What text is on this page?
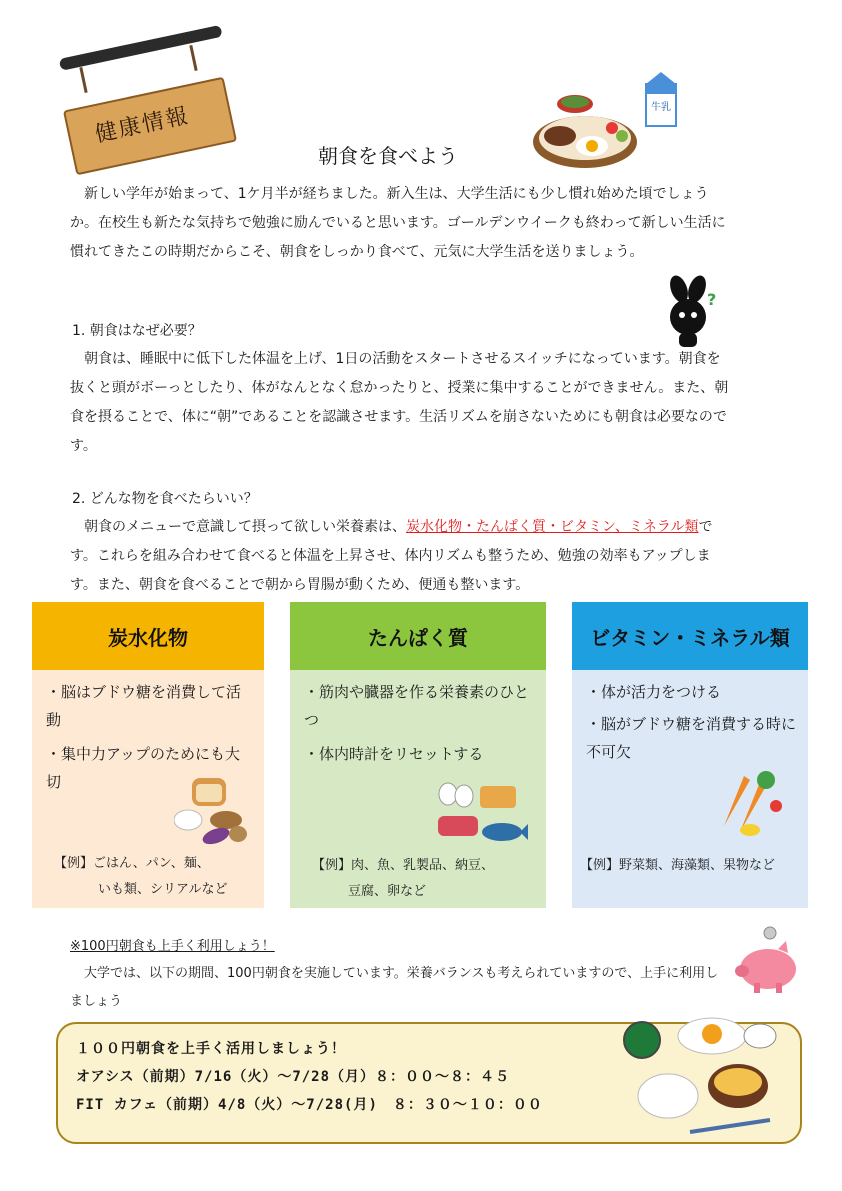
健康情報	牛乳
朝食を食べよう
新しい学年が始まって、1ケ月半が経ちました。新入生は、大学生活にも少し慣れ始めた頃でしょうか。在校生も新たな気持ちで勉強に励んでいると思います。ゴールデンウイークも終わって新しい生活に慣れてきたこの時期だからこそ、朝食をしっかり食べて、元気に大学生活を送りましょう。
?
1. 朝食はなぜ必要？
朝食は、睡眠中に低下した体温を上げ、1日の活動をスタートさせるスイッチになっています。朝食を抜くと頭がボーっとしたり、体がなんとなく怠かったりと、授業に集中することができません。また、朝食を摂ることで、体に“朝”であることを認識させます。生活リズムを崩さないためにも朝食は必要なのです。
2. どんな物を食べたらいい？
朝食のメニューで意識して摂って欲しい栄養素は、炭水化物・たんぱく質・ビタミン、ミネラル類です。これらを組み合わせて食べると体温を上昇させ、体内リズムも整うため、勉強の効率もアップします。また、朝食を食べることで朝から胃腸が動くため、便通も整います。
炭水化物
・脳はブドウ糖を消費して活動
・集中力アップのためにも大切
【例】ごはん、パン、麺、
いも類、シリアルなど
たんぱく質
・筋肉や臓器を作る栄養素のひとつ
・体内時計をリセットする
【例】肉、魚、乳製品、納豆、
豆腐、卵など
ビタミン・ミネラル類
・体が活力をつける
・脳がブドウ糖を消費する時に不可欠
【例】野菜類、海藻類、果物など
※100円朝食も上手く利用しょう！
大学では、以下の期間、100円朝食を実施しています。栄養バランスも考えられていますので、上手に利用しましょう
１００円朝食を上手く活用しましょう！
オアシス（前期）7/16（火）～7/28（月）８：００～８：４５
FIT カフェ（前期）4/8（火）～7/28(月)　８：３０～１０：００
